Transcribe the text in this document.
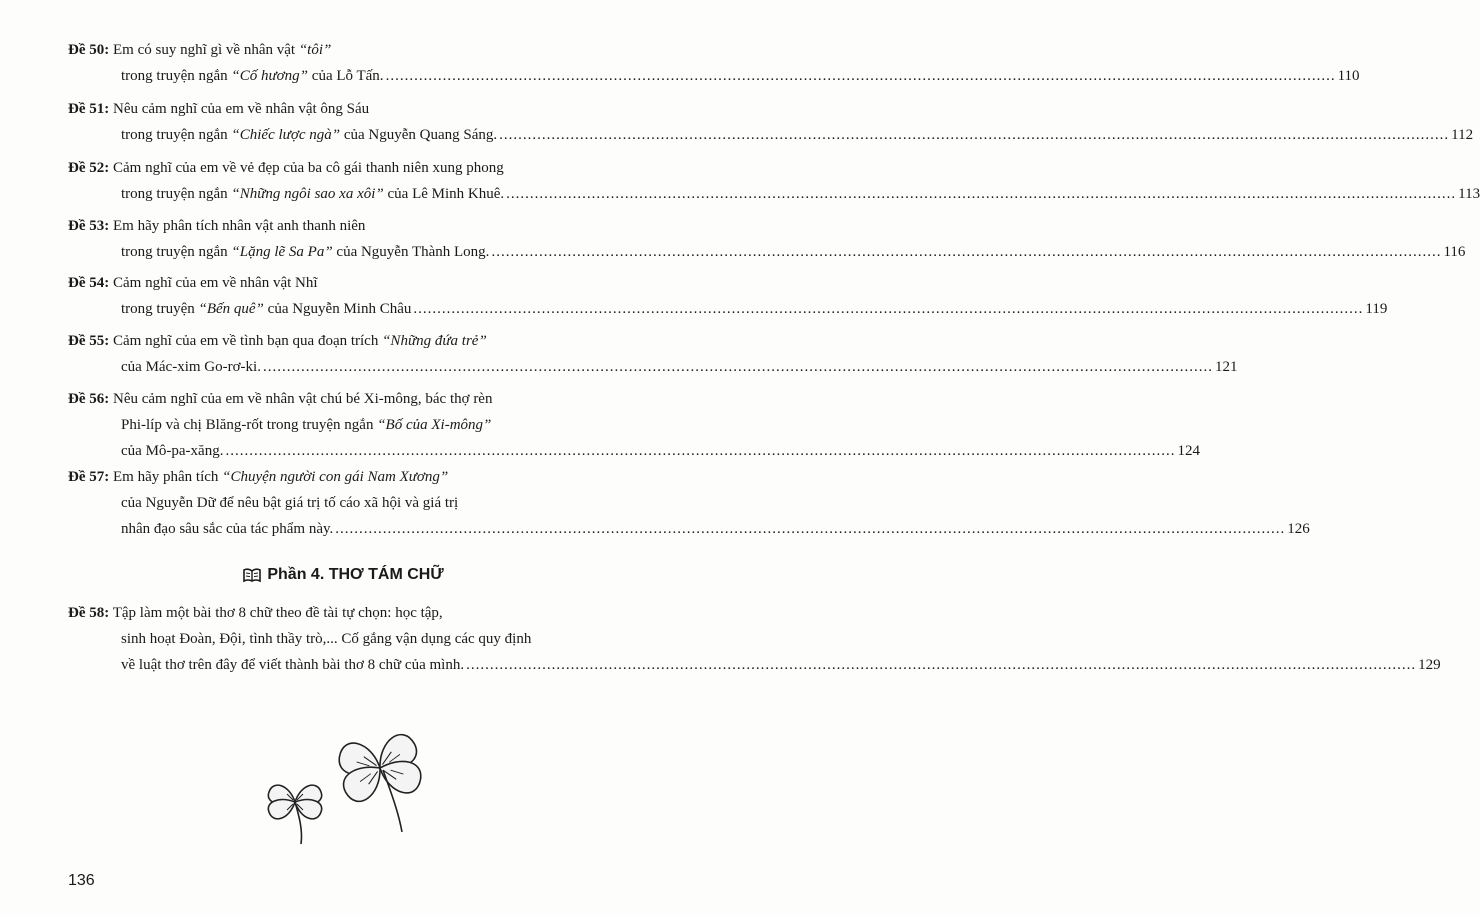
Đề 50: Em có suy nghĩ gì về nhân vật “tôi”
trong truyện ngắn “Cố hương” của Lỗ Tấn. ........................................................................................................................................................................................................ 110
Đề 51: Nêu cảm nghĩ của em về nhân vật ông Sáu
trong truyện ngắn “Chiếc lược ngà” của Nguyễn Quang Sáng. ........................................................................................................................................................................................................ 112
Đề 52: Cảm nghĩ của em về vẻ đẹp của ba cô gái thanh niên xung phong
trong truyện ngắn “Những ngôi sao xa xôi” của Lê Minh Khuê. ........................................................................................................................................................................................................ 113
Đề 53: Em hãy phân tích nhân vật anh thanh niên
trong truyện ngắn “Lặng lẽ Sa Pa” của Nguyễn Thành Long. ........................................................................................................................................................................................................ 116
Đề 54: Cảm nghĩ của em về nhân vật Nhĩ
trong truyện “Bến quê” của Nguyễn Minh Châu ........................................................................................................................................................................................................ 119
Đề 55: Cảm nghĩ của em về tình bạn qua đoạn trích “Những đứa trẻ”
của Mác-xim Go-rơ-ki. ........................................................................................................................................................................................................ 121
Đề 56: Nêu cảm nghĩ của em về nhân vật chú bé Xi-mông, bác thợ rèn
Phi-líp và chị Blăng-rốt trong truyện ngắn “Bố của Xi-mông”
của Mô-pa-xăng. ........................................................................................................................................................................................................ 124
Đề 57: Em hãy phân tích “Chuyện người con gái Nam Xương”
của Nguyễn Dữ để nêu bật giá trị tố cáo xã hội và giá trị
nhân đạo sâu sắc của tác phẩm này. ........................................................................................................................................................................................................ 126
Đề 58: Tập làm một bài thơ 8 chữ theo đề tài tự chọn: học tập,
sinh hoạt Đoàn, Đội, tình thầy trò,... Cố gắng vận dụng các quy định
về luật thơ trên đây để viết thành bài thơ 8 chữ của mình. ........................................................................................................................................................................................................ 129
Phần 4. THƠ TÁM CHỮ
136
